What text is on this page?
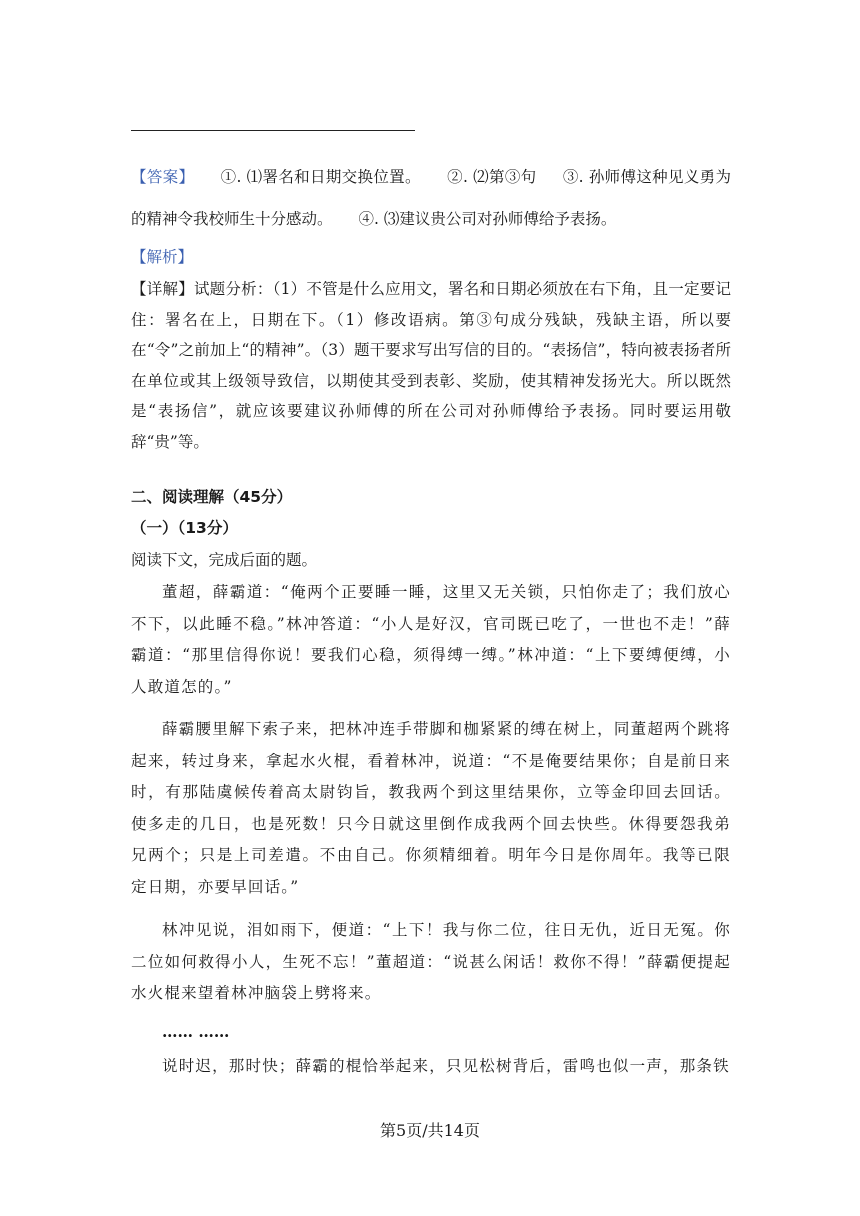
【答案】 ①. ⑴署名和日期交换位置。 ②. ⑵第③句 ③. 孙师傅这种见义勇为的精神令我校师生十分感动。 ④. ⑶建议贵公司对孙师傅给予表扬。
【解析】
【详解】试题分析：（1）不管是什么应用文，署名和日期必须放在右下角，且一定要记住：署名在上，日期在下。（1）修改语病。第③句成分残缺，残缺主语，所以要在“令”之前加上“的精神”。（3）题干要求写出写信的目的。“表扬信”，特向被表扬者所在单位或其上级领导致信，以期使其受到表彰、奖励，使其精神发扬光大。所以既然是“表扬信”，就应该要建议孙师傅的所在公司对孙师傅给予表扬。同时要运用敬辞“贵”等。
二、阅读理解（45分）
（一）（13分）
阅读下文，完成后面的题。
董超，薛霸道：“俺两个正要睡一睡，这里又无关锁，只怕你走了；我们放心不下，以此睡不稳。”林冲答道：“小人是好汉，官司既已吃了，一世也不走！”薛霸道：“那里信得你说！要我们心稳，须得缚一缚。”林冲道：“上下要缚便缚，小人敢道怎的。”
薛霸腰里解下索子来，把林冲连手带脚和枷紧紧的缚在树上，同董超两个跳将起来，转过身来，拿起水火棍，看着林冲，说道：“不是俺要结果你；自是前日来时，有那陆虞候传着高太尉钧旨，教我两个到这里结果你，立等金印回去回话。使多走的几日，也是死数！只今日就这里倒作成我两个回去快些。休得要怨我弟兄两个；只是上司差遣。不由自己。你须精细着。明年今日是你周年。我等已限定日期，亦要早回话。”
林冲见说，泪如雨下，便道：“上下！我与你二位，往日无仇，近日无冤。你二位如何救得小人，生死不忘！”董超道：“说甚么闲话！救你不得！”薛霸便提起水火棍来望着林冲脑袋上劈将来。
…… ……
说时迟，那时快；薛霸的棍恰举起来，只见松树背后，雷鸣也似一声，那条铁
第5页/共14页
